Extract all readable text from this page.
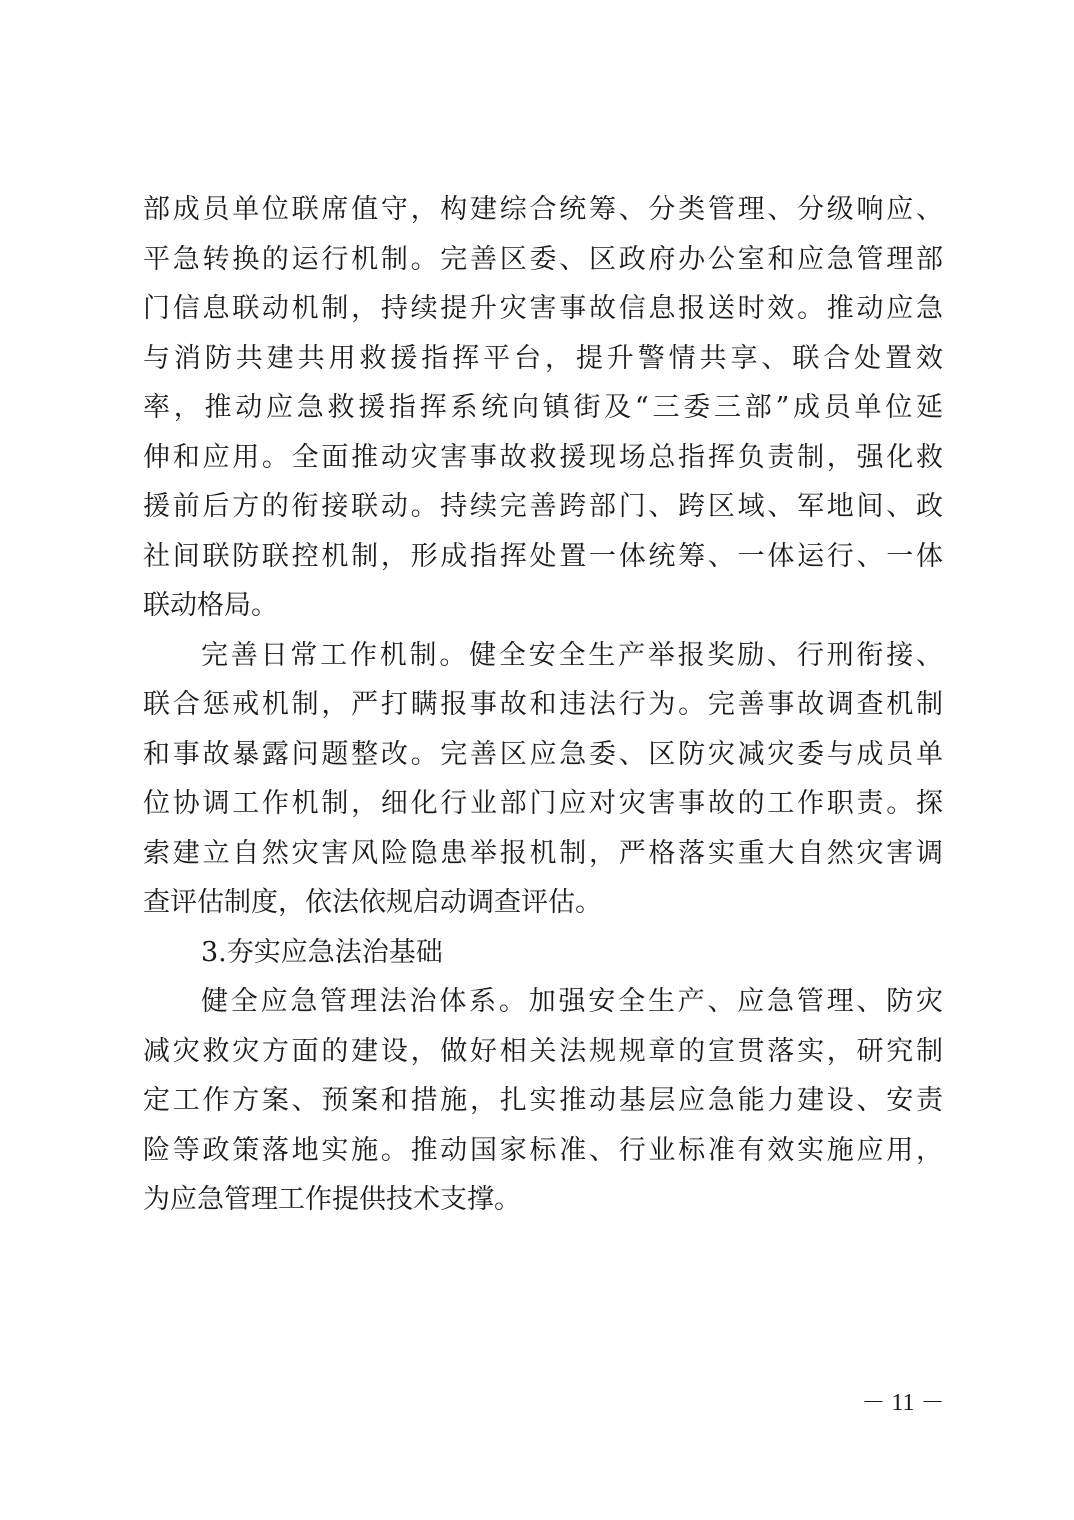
部成员单位联席值守，构建综合统筹、分类管理、分级响应、
平急转换的运行机制。完善区委、区政府办公室和应急管理部
门信息联动机制，持续提升灾害事故信息报送时效。推动应急
与消防共建共用救援指挥平台，提升警情共享、联合处置效
率，推动应急救援指挥系统向镇街及“三委三部”成员单位延
伸和应用。全面推动灾害事故救援现场总指挥负责制，强化救
援前后方的衔接联动。持续完善跨部门、跨区域、军地间、政
社间联防联控机制，形成指挥处置一体统筹、一体运行、一体
联动格局。
完善日常工作机制。健全安全生产举报奖励、行刑衔接、
联合惩戒机制，严打瞒报事故和违法行为。完善事故调查机制
和事故暴露问题整改。完善区应急委、区防灾减灾委与成员单
位协调工作机制，细化行业部门应对灾害事故的工作职责。探
索建立自然灾害风险隐患举报机制，严格落实重大自然灾害调
查评估制度，依法依规启动调查评估。
3.夯实应急法治基础
健全应急管理法治体系。加强安全生产、应急管理、防灾
减灾救灾方面的建设，做好相关法规规章的宣贯落实，研究制
定工作方案、预案和措施，扎实推动基层应急能力建设、安责
险等政策落地实施。推动国家标准、行业标准有效实施应用，
为应急管理工作提供技术支撑。
－ 11 －
